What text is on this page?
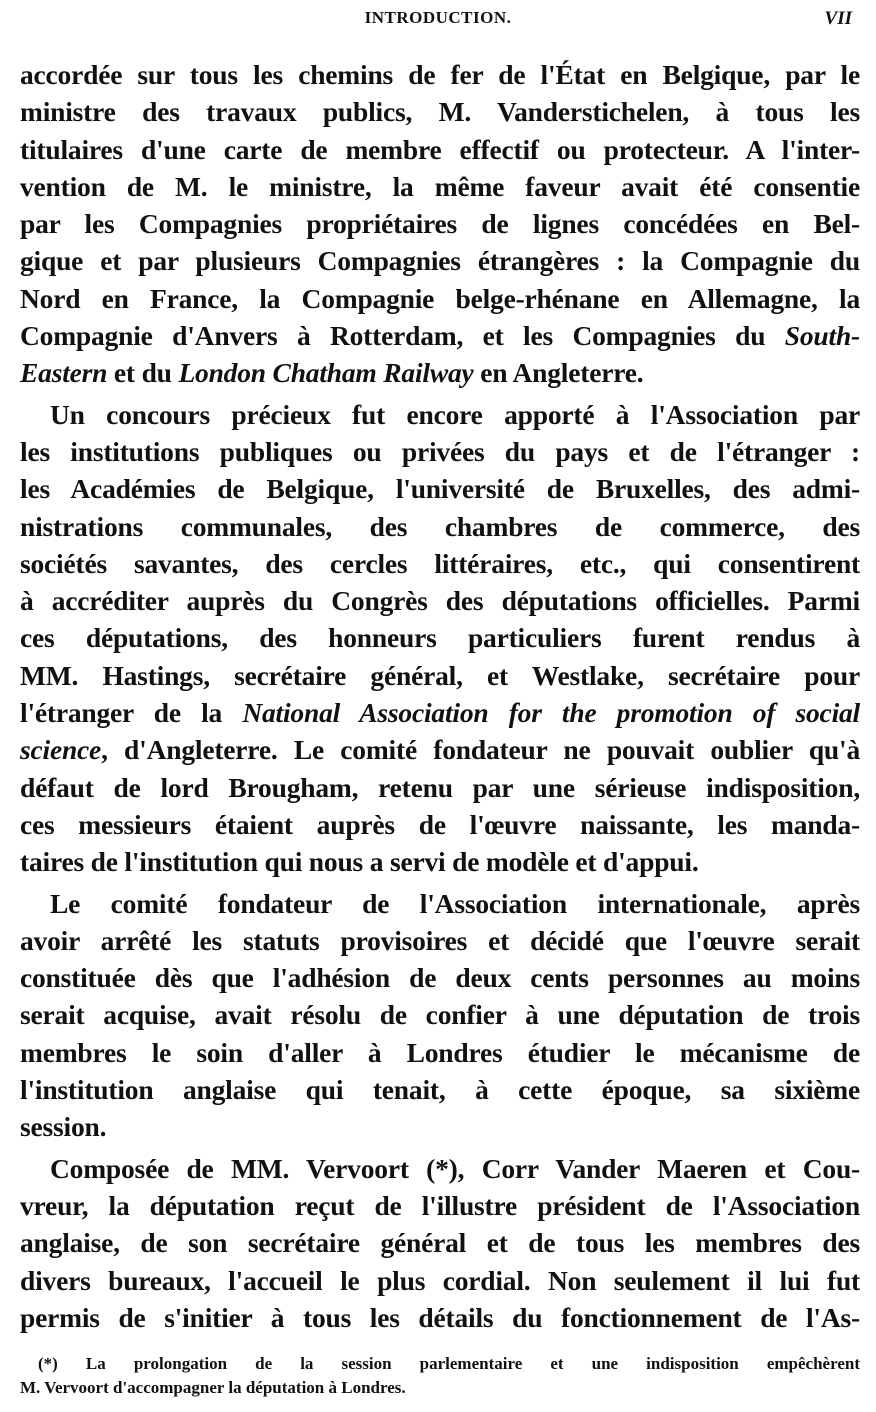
INTRODUCTION.	VII
accordée sur tous les chemins de fer de l'État en Belgique, par le
ministre des travaux publics, M. Vanderstichelen, à tous les
titulaires d'une carte de membre effectif ou protecteur. A l'inter-
vention de M. le ministre, la même faveur avait été consentie
par les Compagnies propriétaires de lignes concédées en Bel-
gique et par plusieurs Compagnies étrangères : la Compagnie du
Nord en France, la Compagnie belge-rhénane en Allemagne, la
Compagnie d'Anvers à Rotterdam, et les Compagnies du South-
Eastern et du London Chatham Railway en Angleterre.
Un concours précieux fut encore apporté à l'Association par
les institutions publiques ou privées du pays et de l'étranger :
les Académies de Belgique, l'université de Bruxelles, des admi-
nistrations communales, des chambres de commerce, des
sociétés savantes, des cercles littéraires, etc., qui consentirent
à accréditer auprès du Congrès des députations officielles. Parmi
ces députations, des honneurs particuliers furent rendus à
MM. Hastings, secrétaire général, et Westlake, secrétaire pour
l'étranger de la National Association for the promotion of social
science, d'Angleterre. Le comité fondateur ne pouvait oublier qu'à
défaut de lord Brougham, retenu par une sérieuse indisposition,
ces messieurs étaient auprès de l'œuvre naissante, les manda-
taires de l'institution qui nous a servi de modèle et d'appui.
Le comité fondateur de l'Association internationale, après
avoir arrêté les statuts provisoires et décidé que l'œuvre serait
constituée dès que l'adhésion de deux cents personnes au moins
serait acquise, avait résolu de confier à une députation de trois
membres le soin d'aller à Londres étudier le mécanisme de
l'institution anglaise qui tenait, à cette époque, sa sixième
session.
Composée de MM. Vervoort (*), Corr Vander Maeren et Cou-
vreur, la députation reçut de l'illustre président de l'Association
anglaise, de son secrétaire général et de tous les membres des
divers bureaux, l'accueil le plus cordial. Non seulement il lui fut
permis de s'initier à tous les détails du fonctionnement de l'As-
(*) La prolongation de la session parlementaire et une indisposition empêchèrent
M. Vervoort d'accompagner la députation à Londres.
